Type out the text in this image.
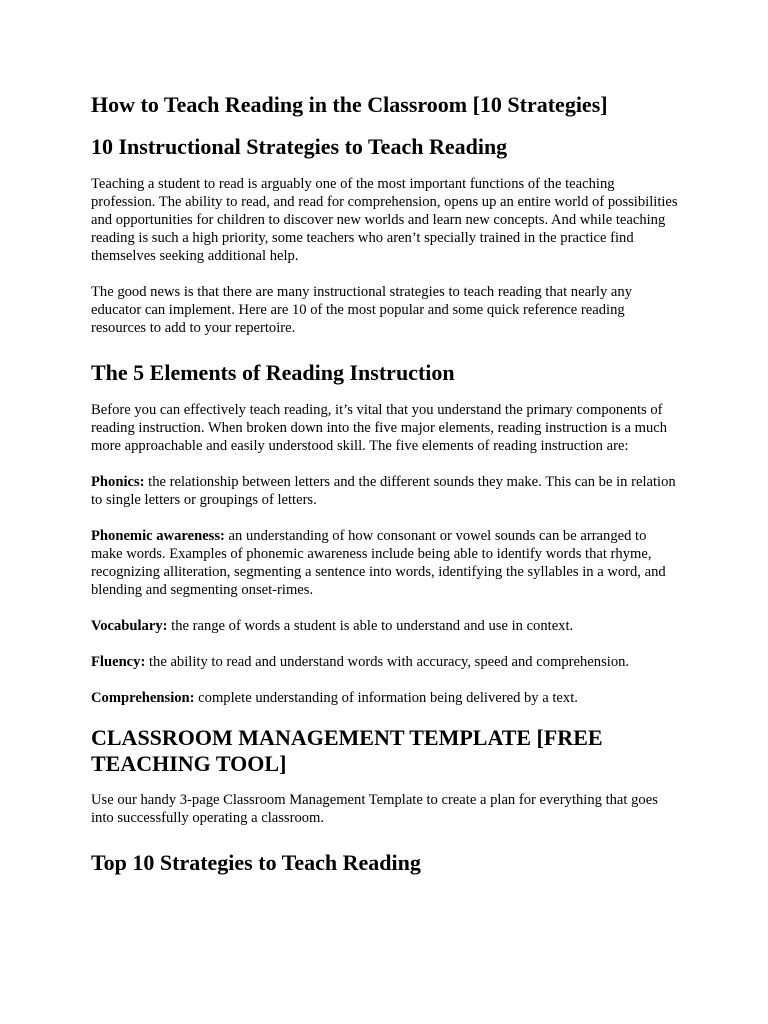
How to Teach Reading in the Classroom [10 Strategies]
10 Instructional Strategies to Teach Reading

Teaching a student to read is arguably one of the most important functions of the teaching profession. The ability to read, and read for comprehension, opens up an entire world of possibilities and opportunities for children to discover new worlds and learn new concepts. And while teaching reading is such a high priority, some teachers who aren’t specially trained in the practice find themselves seeking additional help.

The good news is that there are many instructional strategies to teach reading that nearly any educator can implement. Here are 10 of the most popular and some quick reference reading resources to add to your repertoire.

The 5 Elements of Reading Instruction

Before you can effectively teach reading, it’s vital that you understand the primary components of reading instruction. When broken down into the five major elements, reading instruction is a much more approachable and easily understood skill. The five elements of reading instruction are:

Phonics: the relationship between letters and the different sounds they make. This can be in relation to single letters or groupings of letters.

Phonemic awareness: an understanding of how consonant or vowel sounds can be arranged to make words. Examples of phonemic awareness include being able to identify words that rhyme, recognizing alliteration, segmenting a sentence into words, identifying the syllables in a word, and blending and segmenting onset-rimes.

Vocabulary: the range of words a student is able to understand and use in context.

Fluency: the ability to read and understand words with accuracy, speed and comprehension.

Comprehension: complete understanding of information being delivered by a text.

CLASSROOM MANAGEMENT TEMPLATE [FREE TEACHING TOOL]

Use our handy 3-page Classroom Management Template to create a plan for everything that goes into successfully operating a classroom.

Top 10 Strategies to Teach Reading
